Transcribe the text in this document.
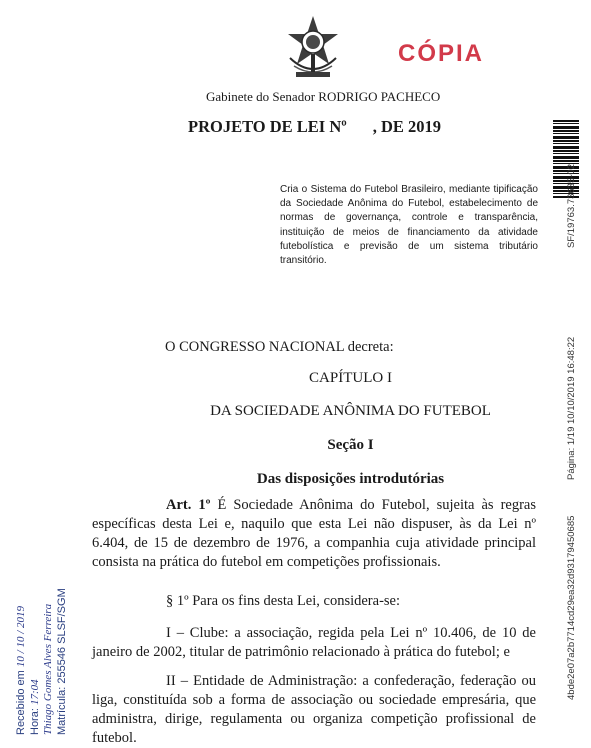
CÓPIA
Gabinete do Senador RODRIGO PACHECO
PROJETO DE LEI Nº , DE 2019
Cria o Sistema do Futebol Brasileiro, mediante tipificação da Sociedade Anônima do Futebol, estabelecimento de normas de governança, controle e transparência, instituição de meios de financiamento da atividade futebolística e previsão de um sistema tributário transitório.
SF/19763.73635-02
Página: 1/19 10/10/2019 16:48:22
4bde2e07a2b7714cd29ea32d93179450685
O CONGRESSO NACIONAL decreta:
CAPÍTULO I
DA SOCIEDADE ANÔNIMA DO FUTEBOL
Seção I
Das disposições introdutórias
Art. 1º É Sociedade Anônima do Futebol, sujeita às regras específicas desta Lei e, naquilo que esta Lei não dispuser, às da Lei nº 6.404, de 15 de dezembro de 1976, a companhia cuja atividade principal consista na prática do futebol em competições profissionais.
§ 1º Para os fins desta Lei, considera-se:
I – Clube: a associação, regida pela Lei nº 10.406, de 10 de janeiro de 2002, titular de patrimônio relacionado à prática do futebol; e
II – Entidade de Administração: a confederação, federação ou liga, constituída sob a forma de associação ou sociedade empresária, que administra, dirige, regulamenta ou organiza competição profissional de futebol.
Recebido em 10 / 10 / 2019
Hora: 17:04 Thiago Gomes Alves Ferreira Matrícula: 255546 SLSF/SGM
